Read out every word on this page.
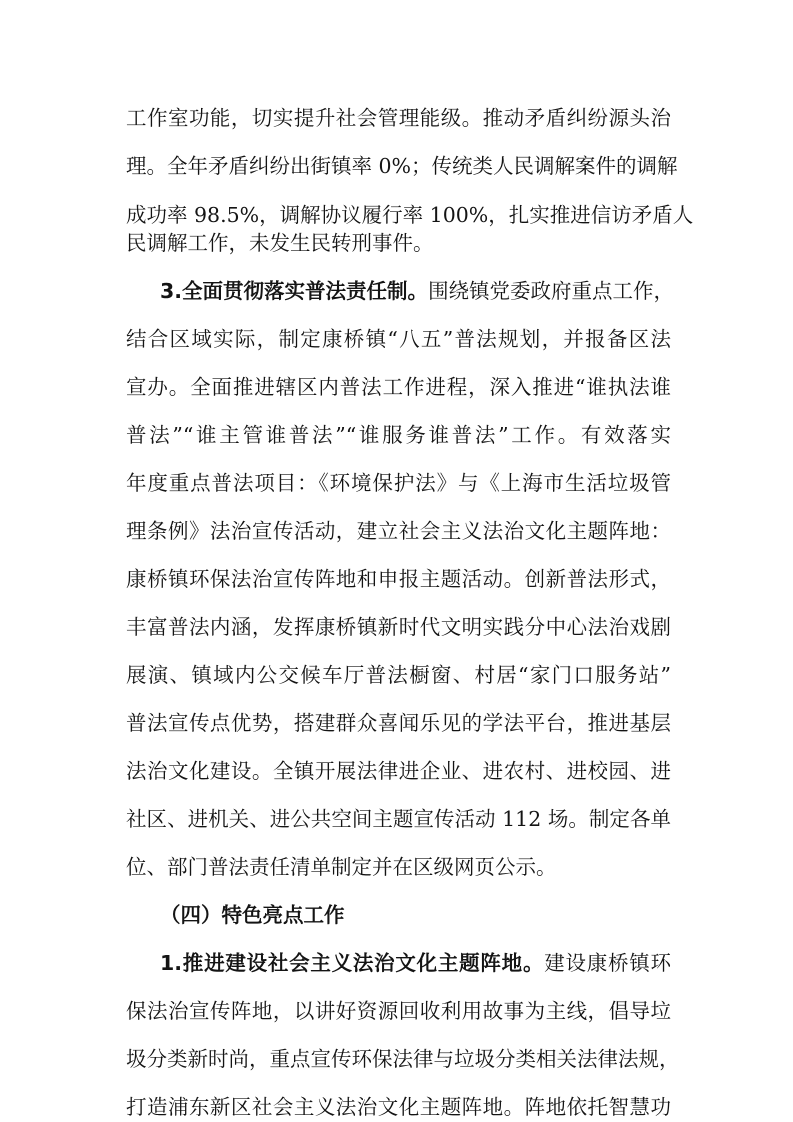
工作室功能，切实提升社会管理能级。推动矛盾纠纷源头治
理。全年矛盾纠纷出街镇率 0%；传统类人民调解案件的调解
成功率 98.5%，调解协议履行率 100%，扎实推进信访矛盾人
民调解工作，未发生民转刑事件。
3.全面贯彻落实普法责任制。围绕镇党委政府重点工作，
结合区域实际，制定康桥镇“八五”普法规划，并报备区法
宣办。全面推进辖区内普法工作进程，深入推进“谁执法谁
普法”“谁主管谁普法”“谁服务谁普法”工作。有效落实
年度重点普法项目：《环境保护法》与《上海市生活垃圾管
理条例》法治宣传活动，建立社会主义法治文化主题阵地：
康桥镇环保法治宣传阵地和申报主题活动。创新普法形式，
丰富普法内涵，发挥康桥镇新时代文明实践分中心法治戏剧
展演、镇域内公交候车厅普法橱窗、村居“家门口服务站”
普法宣传点优势，搭建群众喜闻乐见的学法平台，推进基层
法治文化建设。全镇开展法律进企业、进农村、进校园、进
社区、进机关、进公共空间主题宣传活动 112 场。制定各单
位、部门普法责任清单制定并在区级网页公示。
（四）特色亮点工作
1.推进建设社会主义法治文化主题阵地。建设康桥镇环
保法治宣传阵地，以讲好资源回收利用故事为主线，倡导垃
圾分类新时尚，重点宣传环保法律与垃圾分类相关法律法规，
打造浦东新区社会主义法治文化主题阵地。阵地依托智慧功
